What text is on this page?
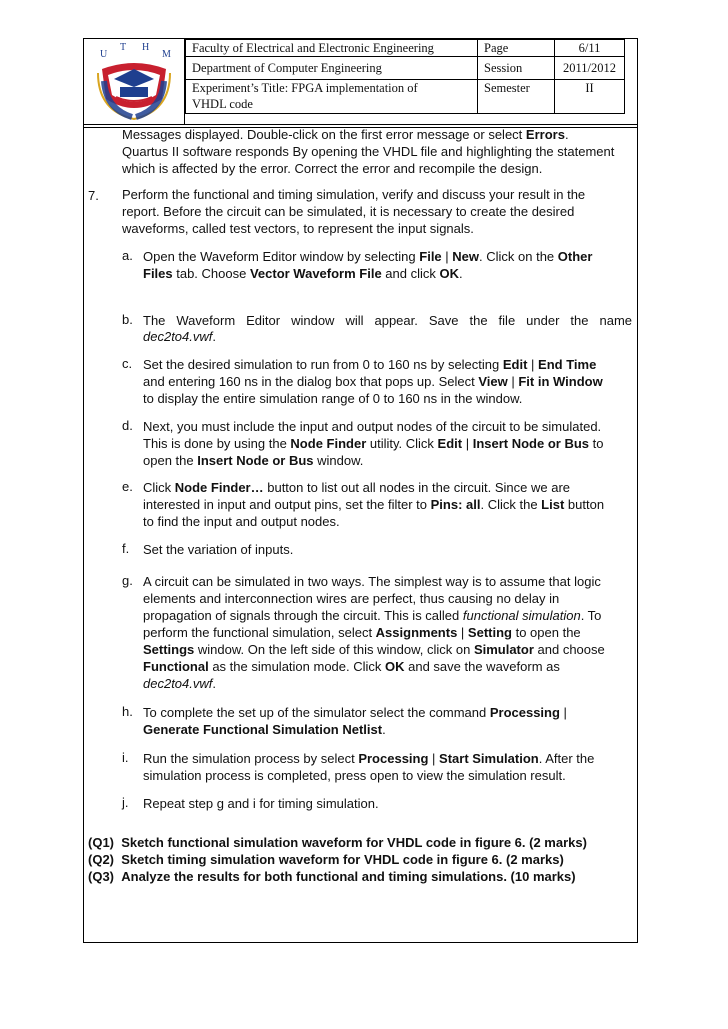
U
T H
M Faculty of Electrical and Electronic Engineering	Page	6/11
Department of Computer Engineering	Session	2011/2012
Experiment’s Title: FPGA implementation of
VHDL code	Semester	II
Messages displayed. Double-click on the first error message or select Errors.
Quartus II software responds By opening the VHDL file and highlighting the statement
which is affected by the error. Correct the error and recompile the design.
7. Perform the functional and timing simulation, verify and discuss your result in the
report. Before the circuit can be simulated, it is necessary to create the desired
waveforms, called test vectors, to represent the input signals.
a. Open the Waveform Editor window by selecting File | New. Click on the Other
Files tab. Choose Vector Waveform File and click OK.
b. The Waveform Editor window will appear. Save the file under the name
dec2to4.vwf.
c. Set the desired simulation to run from 0 to 160 ns by selecting Edit | End Time
and entering 160 ns in the dialog box that pops up. Select View | Fit in Window
to display the entire simulation range of 0 to 160 ns in the window.
d. Next, you must include the input and output nodes of the circuit to be simulated.
This is done by using the Node Finder utility. Click Edit | Insert Node or Bus to
open the Insert Node or Bus window.
e. Click Node Finder… button to list out all nodes in the circuit. Since we are
interested in input and output pins, set the filter to Pins: all. Click the List button
to find the input and output nodes.
f. Set the variation of inputs.
g. A circuit can be simulated in two ways. The simplest way is to assume that logic
elements and interconnection wires are perfect, thus causing no delay in
propagation of signals through the circuit. This is called functional simulation. To
perform the functional simulation, select Assignments | Setting to open the
Settings window. On the left side of this window, click on Simulator and choose
Functional as the simulation mode. Click OK and save the waveform as
dec2to4.vwf.
h. To complete the set up of the simulator select the command Processing |
Generate Functional Simulation Netlist.
i. Run the simulation process by select Processing | Start Simulation. After the
simulation process is completed, press open to view the simulation result.
j. Repeat step g and i for timing simulation.
(Q1) Sketch functional simulation waveform for VHDL code in figure 6. (2 marks)
(Q2) Sketch timing simulation waveform for VHDL code in figure 6. (2 marks)
(Q3) Analyze the results for both functional and timing simulations. (10 marks)
